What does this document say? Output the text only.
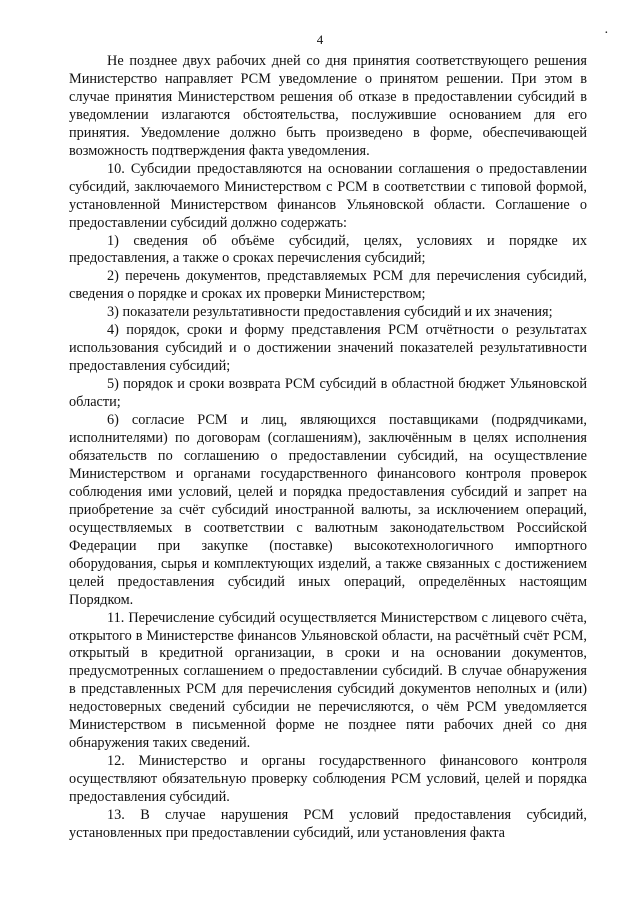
4	·

Не позднее двух рабочих дней со дня принятия соответствующего решения Министерство направляет РСМ уведомление о принятом решении. При этом в случае принятия Министерством решения об отказе в предоставлении субсидий в уведомлении излагаются обстоятельства, послужившие основанием для его принятия. Уведомление должно быть произведено в форме, обеспечивающей возможность подтверждения факта уведомления.

10. Субсидии предоставляются на основании соглашения о предоставлении субсидий, заключаемого Министерством с РСМ в соответствии с типовой формой, установленной Министерством финансов Ульяновской области. Соглашение о предоставлении субсидий должно содержать:

1) сведения об объёме субсидий, целях, условиях и порядке их предоставления, а также о сроках перечисления субсидий;

2) перечень документов, представляемых РСМ для перечисления субсидий, сведения о порядке и сроках их проверки Министерством;

3) показатели результативности предоставления субсидий и их значения;

4) порядок, сроки и форму представления РСМ отчётности о результатах использования субсидий и о достижении значений показателей результативности предоставления субсидий;

5) порядок и сроки возврата РСМ субсидий в областной бюджет Ульяновской области;

6) согласие РСМ и лиц, являющихся поставщиками (подрядчиками, исполнителями) по договорам (соглашениям), заключённым в целях исполнения обязательств по соглашению о предоставлении субсидий, на осуществление Министерством и органами государственного финансового контроля проверок соблюдения ими условий, целей и порядка предоставления субсидий и запрет на приобретение за счёт субсидий иностранной валюты, за исключением операций, осуществляемых в соответствии с валютным законодательством Российской Федерации при закупке (поставке) высокотехнологичного импортного оборудования, сырья и комплектующих изделий, а также связанных с достижением целей предоставления субсидий иных операций, определённых настоящим Порядком.

11. Перечисление субсидий осуществляется Министерством с лицевого счёта, открытого в Министерстве финансов Ульяновской области, на расчётный счёт РСМ, открытый в кредитной организации, в сроки и на основании документов, предусмотренных соглашением о предоставлении субсидий. В случае обнаружения в представленных РСМ для перечисления субсидий документов неполных и (или) недостоверных сведений субсидии не перечисляются, о чём РСМ уведомляется Министерством в письменной форме не позднее пяти рабочих дней со дня обнаружения таких сведений.

12. Министерство и органы государственного финансового контроля осуществляют обязательную проверку соблюдения РСМ условий, целей и порядка предоставления субсидий.

13. В случае нарушения РСМ условий предоставления субсидий, установленных при предоставлении субсидий, или установления факта
